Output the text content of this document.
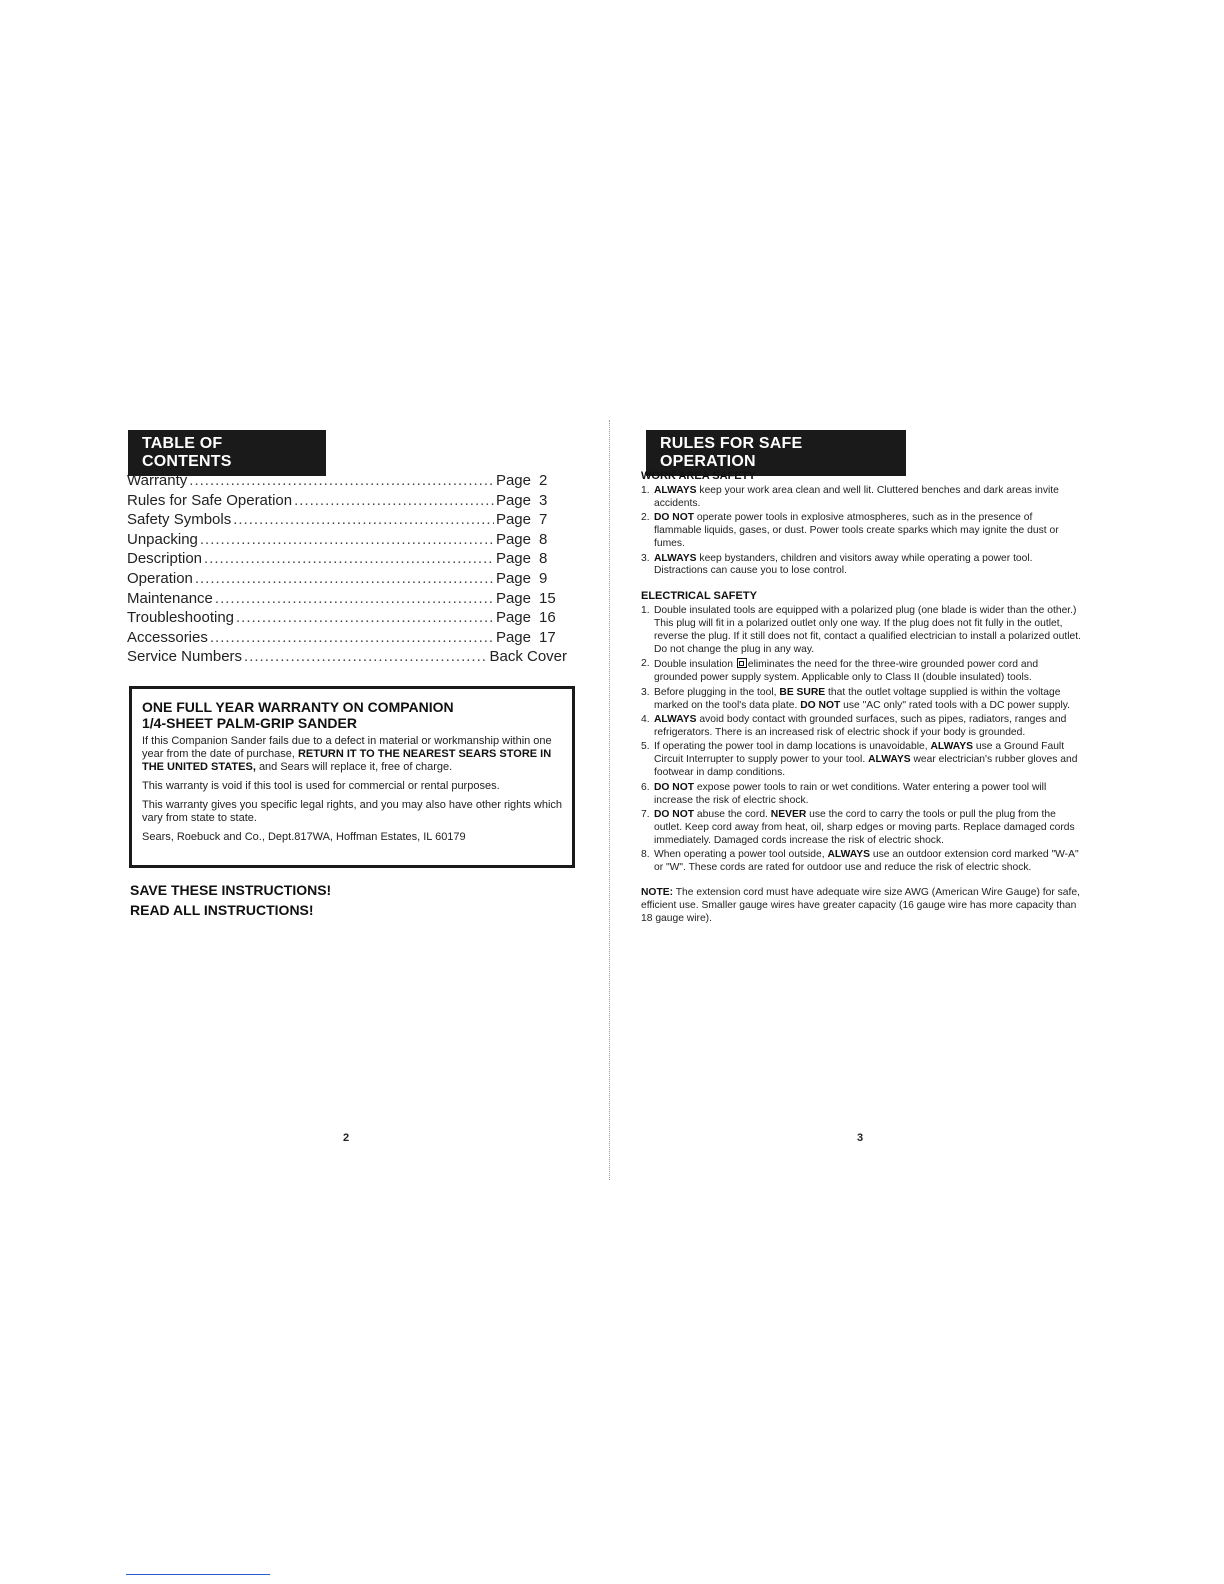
TABLE OF CONTENTS
Warranty .....	Page 2
Rules for Safe Operation .....	Page 3
Safety Symbols .....	Page 7
Unpacking .....	Page 8
Description .....	Page 8
Operation .....	Page 9
Maintenance .....	Page 15
Troubleshooting .....	Page 16
Accessories .....	Page 17
Service Numbers .....	Back Cover
ONE FULL YEAR WARRANTY ON COMPANION
1/4-SHEET PALM-GRIP SANDER

If this Companion Sander fails due to a defect in material or workmanship within one year from the date of purchase, RETURN IT TO THE NEAREST SEARS STORE IN THE UNITED STATES, and Sears will replace it, free of charge.

This warranty is void if this tool is used for commercial or rental purposes.

This warranty gives you specific legal rights, and you may also have other rights which vary from state to state.

Sears, Roebuck and Co., Dept.817WA, Hoffman Estates, IL 60179

SAVE THESE INSTRUCTIONS!
READ ALL INSTRUCTIONS!
2
RULES FOR SAFE OPERATION
WORK AREA SAFETY
1. ALWAYS keep your work area clean and well lit. Cluttered benches and dark areas invite accidents.
2. DO NOT operate power tools in explosive atmospheres, such as in the presence of flammable liquids, gases, or dust. Power tools create sparks which may ignite the dust or fumes.
3. ALWAYS keep bystanders, children and visitors away while operating a power tool. Distractions can cause you to lose control.
ELECTRICAL SAFETY
1. Double insulated tools are equipped with a polarized plug (one blade is wider than the other.) This plug will fit in a polarized outlet only one way. If the plug does not fit fully in the outlet, reverse the plug. If it still does not fit, contact a qualified electrician to install a polarized outlet. Do not change the plug in any way.
2. Double insulation eliminates the need for the three-wire grounded power cord and grounded power supply system. Applicable only to Class II (double insulated) tools.
3. Before plugging in the tool, BE SURE that the outlet voltage supplied is within the voltage marked on the tool's data plate. DO NOT use "AC only" rated tools with a DC power supply.
4. ALWAYS avoid body contact with grounded surfaces, such as pipes, radiators, ranges and refrigerators. There is an increased risk of electric shock if your body is grounded.
5. If operating the power tool in damp locations is unavoidable, ALWAYS use a Ground Fault Circuit Interrupter to supply power to your tool. ALWAYS wear electrician's rubber gloves and footwear in damp conditions.
6. DO NOT expose power tools to rain or wet conditions. Water entering a power tool will increase the risk of electric shock.
7. DO NOT abuse the cord. NEVER use the cord to carry the tools or pull the plug from the outlet. Keep cord away from heat, oil, sharp edges or moving parts. Replace damaged cords immediately. Damaged cords increase the risk of electric shock.
8. When operating a power tool outside, ALWAYS use an outdoor extension cord marked "W-A" or "W". These cords are rated for outdoor use and reduce the risk of electric shock.

NOTE: The extension cord must have adequate wire size AWG (American Wire Gauge) for safe, efficient use. Smaller gauge wires have greater capacity (16 gauge wire has more capacity than 18 gauge wire).

3
